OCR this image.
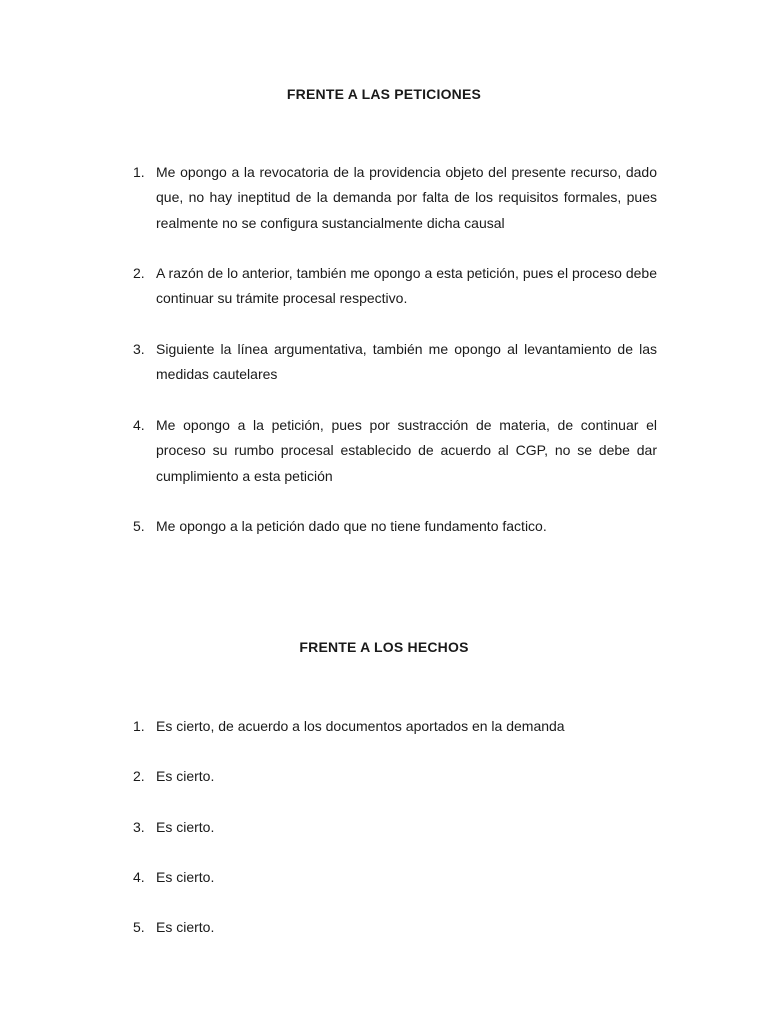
FRENTE A LAS PETICIONES
1. Me opongo a la revocatoria de la providencia objeto del presente recurso, dado que, no hay ineptitud de la demanda por falta de los requisitos formales, pues realmente no se configura sustancialmente dicha causal
2. A razón de lo anterior, también me opongo a esta petición, pues el proceso debe continuar su trámite procesal respectivo.
3. Siguiente la línea argumentativa, también me opongo al levantamiento de las medidas cautelares
4. Me opongo a la petición, pues por sustracción de materia, de continuar el proceso su rumbo procesal establecido de acuerdo al CGP, no se debe dar cumplimiento a esta petición
5. Me opongo a la petición dado que no tiene fundamento factico.
FRENTE A LOS HECHOS
1. Es cierto, de acuerdo a los documentos aportados en la demanda
2. Es cierto.
3. Es cierto.
4. Es cierto.
5. Es cierto.
